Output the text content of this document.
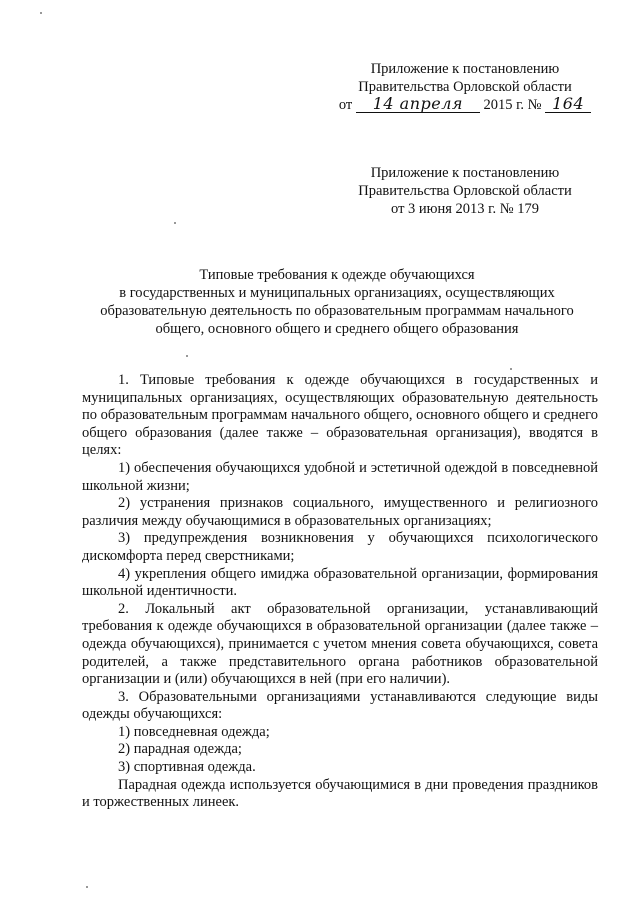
Приложение к постановлению
Правительства Орловской области
от 14 апреля 2015 г. № 164
Приложение к постановлению
Правительства Орловской области
от 3 июня 2013 г. № 179
Типовые требования к одежде обучающихся
в государственных и муниципальных организациях, осуществляющих
образовательную деятельность по образовательным программам начального
общего, основного общего и среднего общего образования

1. Типовые требования к одежде обучающихся в государственных и муниципальных организациях, осуществляющих образовательную деятельность по образовательным программам начального общего, основного общего и среднего общего образования (далее также – образовательная организация), вводятся в целях:

1) обеспечения обучающихся удобной и эстетичной одеждой в повседневной школьной жизни;

2) устранения признаков социального, имущественного и религиозного различия между обучающимися в образовательных организациях;

3) предупреждения возникновения у обучающихся психологического дискомфорта перед сверстниками;

4) укрепления общего имиджа образовательной организации, формирования школьной идентичности.

2. Локальный акт образовательной организации, устанавливающий требования к одежде обучающихся в образовательной организации (далее также – одежда обучающихся), принимается с учетом мнения совета обучающихся, совета родителей, а также представительного органа работников образовательной организации и (или) обучающихся в ней (при его наличии).

3. Образовательными организациями устанавливаются следующие виды одежды обучающихся:

1) повседневная одежда;

2) парадная одежда;

3) спортивная одежда.

Парадная одежда используется обучающимися в дни проведения праздников и торжественных линеек.
